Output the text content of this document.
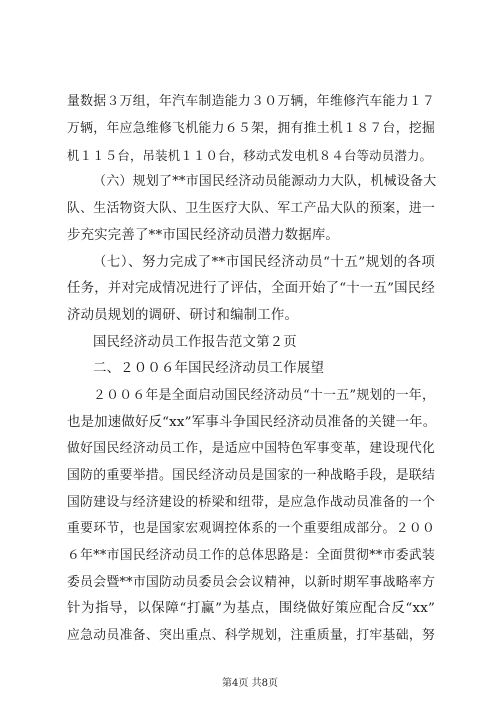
量数据３万组，年汽车制造能力３０万辆，年维修汽车能力１７
万辆，年应急维修飞机能力６５架，拥有推土机１８７台，挖掘
机１１５台，吊装机１１０台，移动式发电机８４台等动员潜力。
（六）规划了**市国民经济动员能源动力大队，机械设备大
队、生活物资大队、卫生医疗大队、军工产品大队的预案，进一
步充实完善了**市国民经济动员潜力数据库。
（七）、努力完成了**市国民经济动员“十五”规划的各项
任务，并对完成情况进行了评估，全面开始了“十一五”国民经
济动员规划的调研、研讨和编制工作。
国民经济动员工作报告范文第２页
二、２００６年国民经济动员工作展望
２００６年是全面启动国民经济动员“十一五”规划的一年，
也是加速做好反“xx”军事斗争国民经济动员准备的关键一年。
做好国民经济动员工作，是适应中国特色军事变革，建设现代化
国防的重要举措。国民经济动员是国家的一种战略手段，是联结
国防建设与经济建设的桥梁和纽带，是应急作战动员准备的一个
重要环节，也是国家宏观调控体系的一个重要组成部分。２００
６年**市国民经济动员工作的总体思路是：全面贯彻**市委武装
委员会暨**市国防动员委员会会议精神，以新时期军事战略率方
针为指导，以保障“打赢”为基点，围绕做好策应配合反“xx”
应急动员准备、突出重点、科学规划，注重质量，打牢基础，努
第4页 共8页
